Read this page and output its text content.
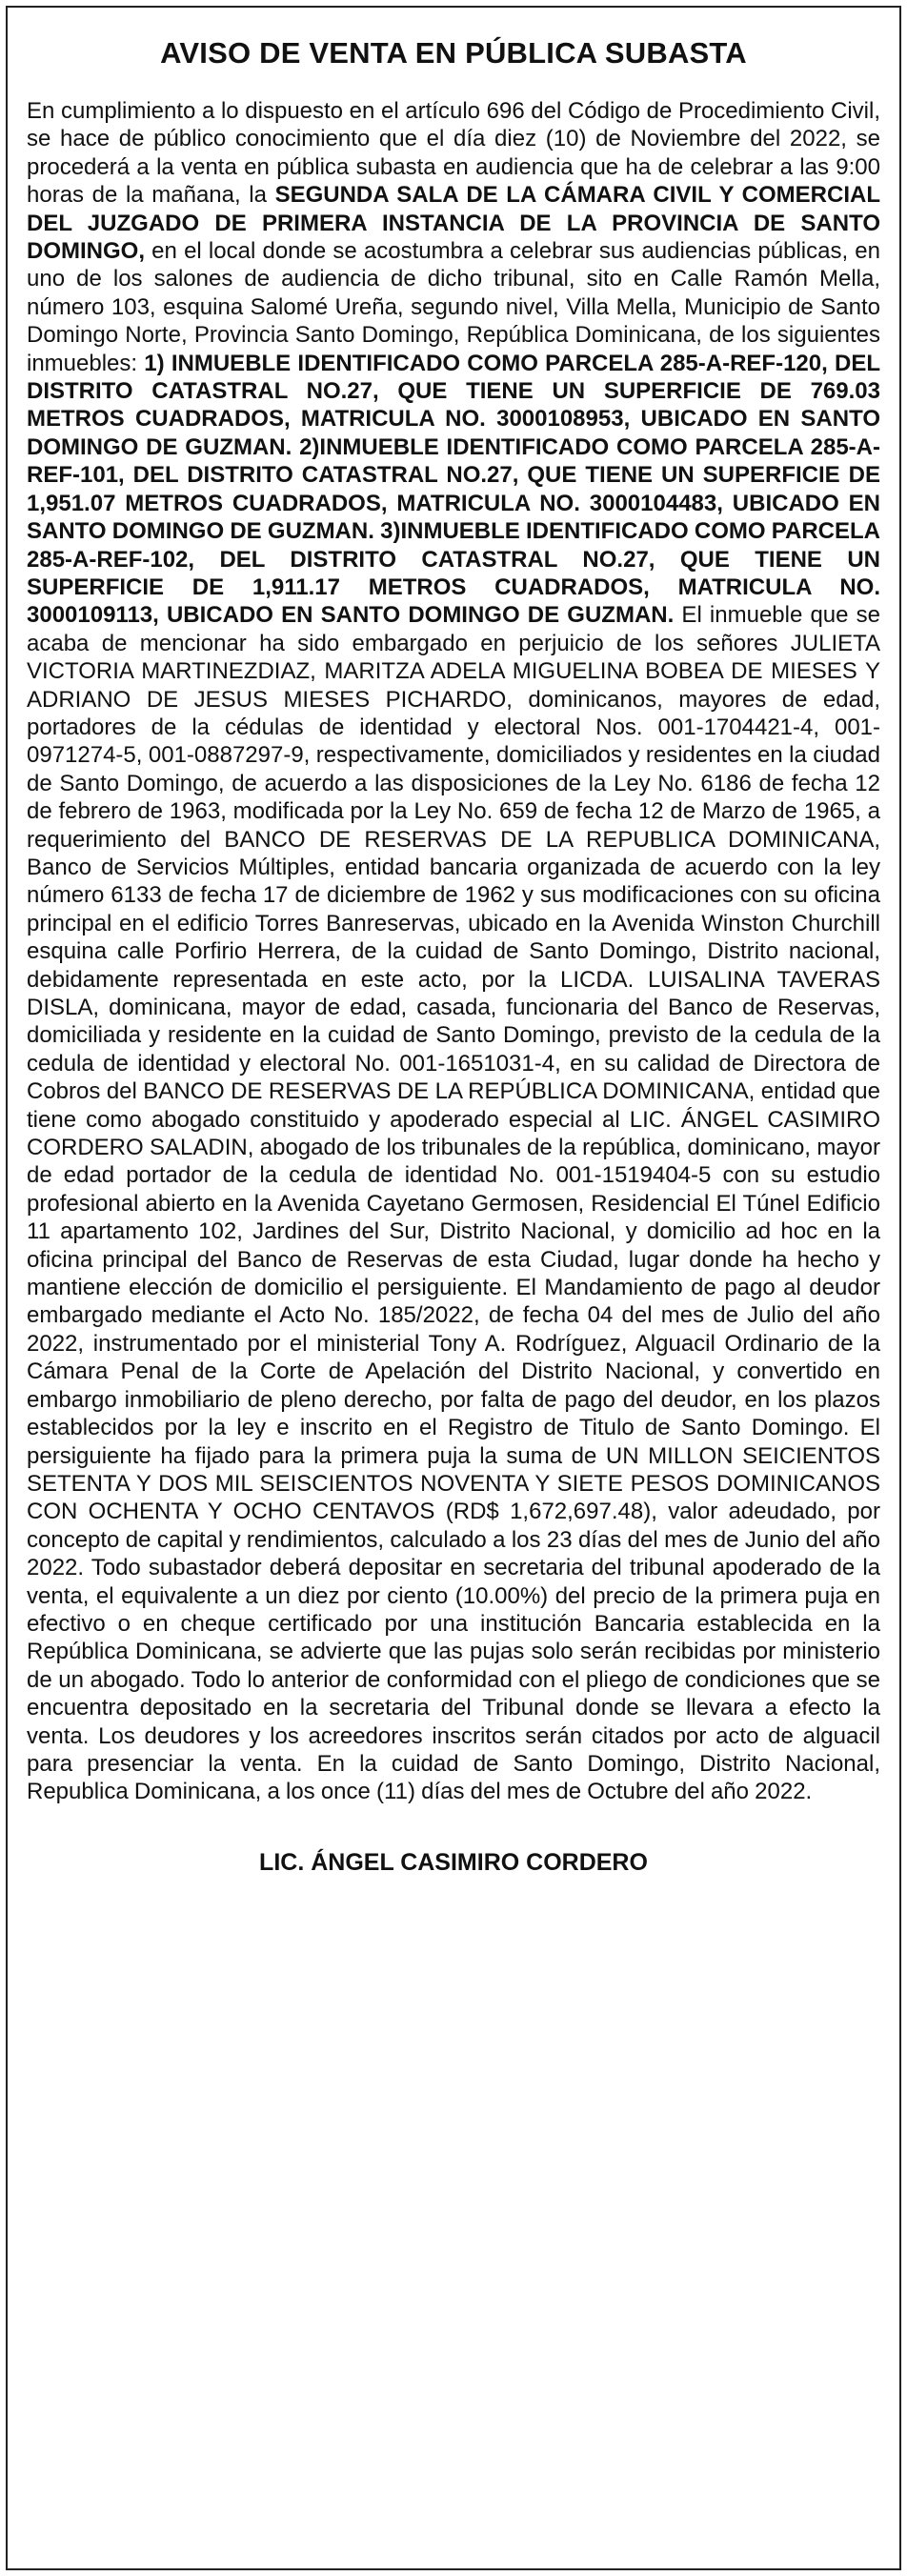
AVISO DE VENTA EN PÚBLICA SUBASTA

En cumplimiento a lo dispuesto en el artículo 696 del Código de Procedimiento Civil, se hace de público conocimiento que el día diez (10) de Noviembre del 2022, se procederá a la venta en pública subasta en audiencia que ha de celebrar a las 9:00 horas de la mañana, la SEGUNDA SALA DE LA CÁMARA CIVIL Y COMERCIAL DEL JUZGADO DE PRIMERA INSTANCIA DE LA PROVINCIA DE SANTO DOMINGO, en el local donde se acostumbra a celebrar sus audiencias públicas, en uno de los salones de audiencia de dicho tribunal, sito en Calle Ramón Mella, número 103, esquina Salomé Ureña, segundo nivel, Villa Mella, Municipio de Santo Domingo Norte, Provincia Santo Domingo, República Dominicana, de los siguientes inmuebles: 1) INMUEBLE IDENTIFICADO COMO PARCELA 285-A-REF-120, DEL DISTRITO CATASTRAL NO.27, QUE TIENE UN SUPERFICIE DE 769.03 METROS CUADRADOS, MATRICULA NO. 3000108953, UBICADO EN SANTO DOMINGO DE GUZMAN. 2)INMUEBLE IDENTIFICADO COMO PARCELA 285-A-REF-101, DEL DISTRITO CATASTRAL NO.27, QUE TIENE UN SUPERFICIE DE 1,951.07 METROS CUADRADOS, MATRICULA NO. 3000104483, UBICADO EN SANTO DOMINGO DE GUZMAN. 3)INMUEBLE IDENTIFICADO COMO PARCELA 285-A-REF-102, DEL DISTRITO CATASTRAL NO.27, QUE TIENE UN SUPERFICIE DE 1,911.17 METROS CUADRADOS, MATRICULA NO. 3000109113, UBICADO EN SANTO DOMINGO DE GUZMAN. El inmueble que se acaba de mencionar ha sido embargado en perjuicio de los señores JULIETA VICTORIA MARTINEZDIAZ, MARITZA ADELA MIGUELINA BOBEA DE MIESES Y ADRIANO DE JESUS MIESES PICHARDO, dominicanos, mayores de edad, portadores de la cédulas de identidad y electoral Nos. 001-1704421-4, 001-0971274-5, 001-0887297-9, respectivamente, domiciliados y residentes en la ciudad de Santo Domingo, de acuerdo a las disposiciones de la Ley No. 6186 de fecha 12 de febrero de 1963, modificada por la Ley No. 659 de fecha 12 de Marzo de 1965, a requerimiento del BANCO DE RESERVAS DE LA REPUBLICA DOMINICANA, Banco de Servicios Múltiples, entidad bancaria organizada de acuerdo con la ley número 6133 de fecha 17 de diciembre de 1962 y sus modificaciones con su oficina principal en el edificio Torres Banreservas, ubicado en la Avenida Winston Churchill esquina calle Porfirio Herrera, de la cuidad de Santo Domingo, Distrito nacional, debidamente representada en este acto, por la LICDA. LUISALINA TAVERAS DISLA, dominicana, mayor de edad, casada, funcionaria del Banco de Reservas, domiciliada y residente en la cuidad de Santo Domingo, previsto de la cedula de la cedula de identidad y electoral No. 001-1651031-4, en su calidad de Directora de Cobros del BANCO DE RESERVAS DE LA REPÚBLICA DOMINICANA, entidad que tiene como abogado constituido y apoderado especial al LIC. ÁNGEL CASIMIRO CORDERO SALADIN, abogado de los tribunales de la república, dominicano, mayor de edad portador de la cedula de identidad No. 001-1519404-5 con su estudio profesional abierto en la Avenida Cayetano Germosen, Residencial El Túnel Edificio 11 apartamento 102, Jardines del Sur, Distrito Nacional, y domicilio ad hoc en la oficina principal del Banco de Reservas de esta Ciudad, lugar donde ha hecho y mantiene elección de domicilio el persiguiente. El Mandamiento de pago al deudor embargado mediante el Acto No. 185/2022, de fecha 04 del mes de Julio del año 2022, instrumentado por el ministerial Tony A. Rodríguez, Alguacil Ordinario de la Cámara Penal de la Corte de Apelación del Distrito Nacional, y convertido en embargo inmobiliario de pleno derecho, por falta de pago del deudor, en los plazos establecidos por la ley e inscrito en el Registro de Titulo de Santo Domingo. El persiguiente ha fijado para la primera puja la suma de UN MILLON SEICIENTOS SETENTA Y DOS MIL SEISCIENTOS NOVENTA Y SIETE PESOS DOMINICANOS CON OCHENTA Y OCHO CENTAVOS (RD$ 1,672,697.48), valor adeudado, por concepto de capital y rendimientos, calculado a los 23 días del mes de Junio del año 2022. Todo subastador deberá depositar en secretaria del tribunal apoderado de la venta, el equivalente a un diez por ciento (10.00%) del precio de la primera puja en efectivo o en cheque certificado por una institución Bancaria establecida en la República Dominicana, se advierte que las pujas solo serán recibidas por ministerio de un abogado. Todo lo anterior de conformidad con el pliego de condiciones que se encuentra depositado en la secretaria del Tribunal donde se llevara a efecto la venta. Los deudores y los acreedores inscritos serán citados por acto de alguacil para presenciar la venta. En la cuidad de Santo Domingo, Distrito Nacional, Republica Dominicana, a los once (11) días del mes de Octubre del año 2022.

LIC. ÁNGEL CASIMIRO CORDERO
